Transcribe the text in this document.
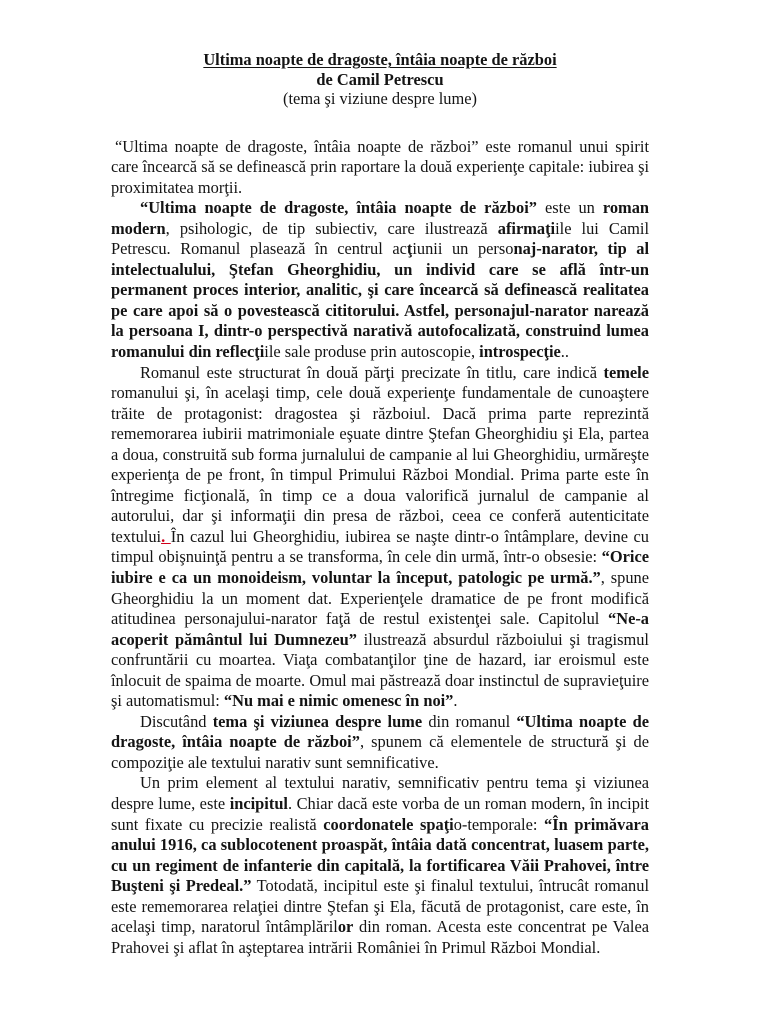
Ultima noapte de dragoste, întâia noapte de război
de Camil Petrescu
(tema şi viziune despre lume)

“Ultima noapte de dragoste, întâia noapte de război” este romanul unui spirit care încearcă să se definească prin raportare la două experienţe capitale: iubirea şi proximitatea morţii.

“Ultima noapte de dragoste, întâia noapte de război” este un roman modern, psihologic, de tip subiectiv, care ilustrează afirmaţiile lui Camil Petrescu. Romanul plasează în centrul acţiunii un personaj-narator, tip al intelectualului, Ştefan Gheorghidiu, un individ care se află într-un permanent proces interior, analitic, şi care încearcă să definească realitatea pe care apoi să o povestească cititorului. Astfel, personajul-narator narează la persoana I, dintr-o perspectivă narativă autofocalizată, construind lumea romanului din reflecţiile sale produse prin autoscopie, introspecţie..

Romanul este structurat în două părţi precizate în titlu, care indică temele romanului şi, în acelaşi timp, cele două experienţe fundamentale de cunoaştere trăite de protagonist: dragostea şi războiul. Dacă prima parte reprezintă rememorarea iubirii matrimoniale eşuate dintre Ştefan Gheorghidiu şi Ela, partea a doua, construită sub forma jurnalului de campanie al lui Gheorghidiu, urmăreşte experienţa de pe front, în timpul Primului Război Mondial. Prima parte este în întregime ficţională, în timp ce a doua valorifică jurnalul de campanie al autorului, dar şi informaţii din presa de război, ceea ce conferă autenticitate textului. În cazul lui Gheorghidiu, iubirea se naşte dintr-o întâmplare, devine cu timpul obişnuinţă pentru a se transforma, în cele din urmă, într-o obsesie: “Orice iubire e ca un monoideism, voluntar la început, patologic pe urmă.”, spune Gheorghidiu la un moment dat. Experienţele dramatice de pe front modifică atitudinea personajului-narator faţă de restul existenţei sale. Capitolul “Ne-a acoperit pământul lui Dumnezeu” ilustrează absurdul războiului şi tragismul confruntării cu moartea. Viaţa combatanţilor ţine de hazard, iar eroismul este înlocuit de spaima de moarte. Omul mai păstrează doar instinctul de supravieţuire şi automatismul: “Nu mai e nimic omenesc în noi”.

Discutând tema şi viziunea despre lume din romanul “Ultima noapte de dragoste, întâia noapte de război”, spunem că elementele de structură şi de compoziţie ale textului narativ sunt semnificative.

Un prim element al textului narativ, semnificativ pentru tema şi viziunea despre lume, este incipitul. Chiar dacă este vorba de un roman modern, în incipit sunt fixate cu precizie realistă coordonatele spaţio-temporale: “În primăvara anului 1916, ca sublocotenent proaspăt, întâia dată concentrat, luasem parte, cu un regiment de infanterie din capitală, la fortificarea Văii Prahovei, între Buşteni şi Predeal.” Totodată, incipitul este şi finalul textului, întrucât romanul este rememorarea relaţiei dintre Ştefan şi Ela, făcută de protagonist, care este, în acelaşi timp, naratorul întâmplărilor din roman. Acesta este concentrat pe Valea Prahovei şi aflat în aşteptarea intrării României în Primul Război Mondial.
